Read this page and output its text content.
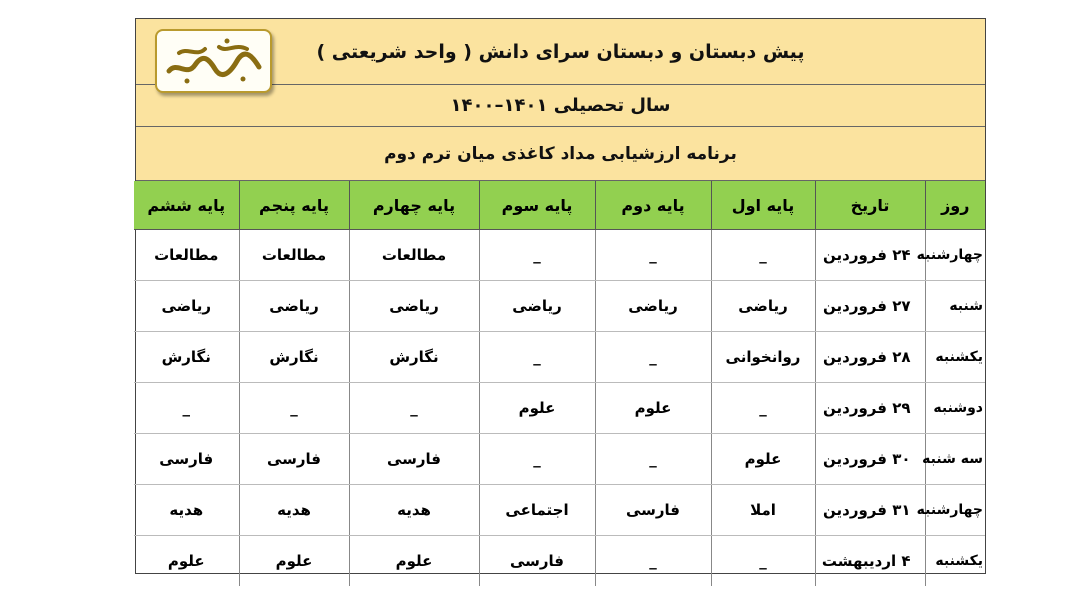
پیش دبستان و دبستان سرای دانش ( واحد شریعتی )
سال تحصیلی ۱۴۰۱–۱۴۰۰
برنامه ارزشیابی مداد کاغذی میان ترم دوم
روز	تاریخ	پایه اول	پایه دوم	پایه سوم	پایه چهارم	پایه پنجم	پایه ششم
چهارشنبه	۲۴ فروردین	_	_	_	مطالعات	مطالعات	مطالعات
شنبه	۲۷ فروردین	ریاضی	ریاضی	ریاضی	ریاضی	ریاضی	ریاضی
یکشنبه	۲۸ فروردین	روانخوانی	_	_	نگارش	نگارش	نگارش
دوشنبه	۲۹ فروردین	_	علوم	علوم	_	_	_
سه شنبه	۳۰ فروردین	علوم	_	_	فارسی	فارسی	فارسی
چهارشنبه	۳۱ فروردین	املا	فارسی	اجتماعی	هدیه	هدیه	هدیه
یکشنبه	۴ اردیبهشت	_	_	فارسی	علوم	علوم	علوم
